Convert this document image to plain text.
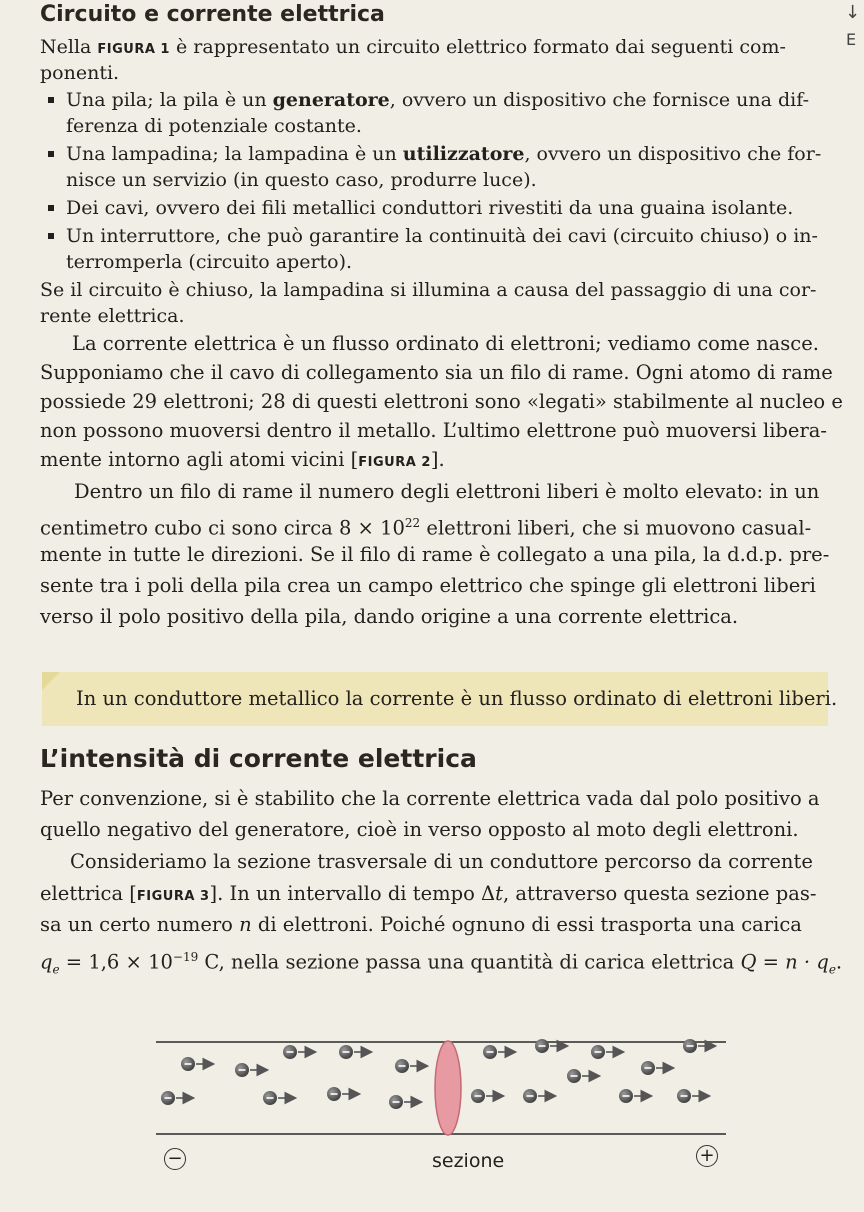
Circuito e corrente elettrica	↓
E

Nella FIGURA 1 è rappresentato un circuito elettrico formato dai seguenti com-

ponenti.

Una pila; la pila è un generatore, ovvero un dispositivo che fornisce una dif-

ferenza di potenziale costante.

Una lampadina; la lampadina è un utilizzatore, ovvero un dispositivo che for-

nisce un servizio (in questo caso, produrre luce).

Dei cavi, ovvero dei fili metallici conduttori rivestiti da una guaina isolante.

Un interruttore, che può garantire la continuità dei cavi (circuito chiuso) o in-

terromperla (circuito aperto).

Se il circuito è chiuso, la lampadina si illumina a causa del passaggio di una cor-

rente elettrica.

La corrente elettrica è un flusso ordinato di elettroni; vediamo come nasce.

Supponiamo che il cavo di collegamento sia un filo di rame. Ogni atomo di rame

possiede 29 elettroni; 28 di questi elettroni sono «legati» stabilmente al nucleo e

non possono muoversi dentro il metallo. L’ultimo elettrone può muoversi libera-

mente intorno agli atomi vicini [FIGURA 2].

Dentro un filo di rame il numero degli elettroni liberi è molto elevato: in un

centimetro cubo ci sono circa $8 \times 10^{22}$ elettroni liberi, che si muovono casual-

mente in tutte le direzioni. Se il filo di rame è collegato a una pila, la d.d.p. pre-

sente tra i poli della pila crea un campo elettrico che spinge gli elettroni liberi

verso il polo positivo della pila, dando origine a una corrente elettrica.

In un conduttore metallico la corrente è un flusso ordinato di elettroni liberi.

L’intensità di corrente elettrica

Per convenzione, si è stabilito che la corrente elettrica vada dal polo positivo a

quello negativo del generatore, cioè in verso opposto al moto degli elettroni.

Consideriamo la sezione trasversale di un conduttore percorso da corrente

elettrica [FIGURA 3]. In un intervallo di tempo Δt, attraverso questa sezione pas-

sa un certo numero n di elettroni. Poiché ognuno di essi trasporta una carica

$q_e = 1,6 \times 10^{-19}$ C, nella sezione passa una quantità di carica elettrica $Q = n \cdot q_e$.

−	sezione	+
